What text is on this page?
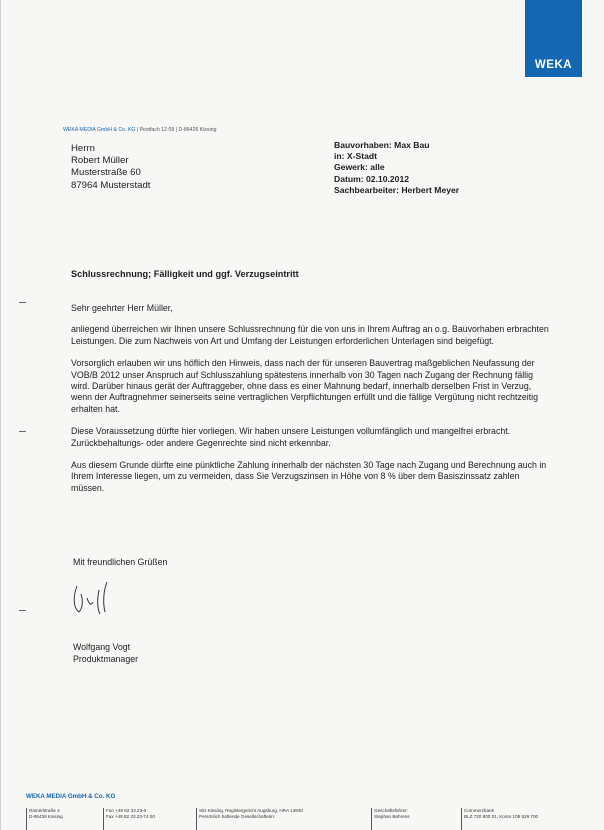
WEKA
WEKA MEDIA GmbH & Co. KG | Postfach 12 09 | D-86426 Kissing
Herrn
Robert Müller
Musterstraße 60
87964 Musterstadt
Bauvorhaben: Max Bau
in: X-Stadt
Gewerk: alle
Datum: 02.10.2012
Sachbearbeiter: Herbert Meyer
Schlussrechnung; Fälligkeit und ggf. Verzugseintritt

Sehr geehrter Herr Müller,

anliegend überreichen wir Ihnen unsere Schlussrechnung für die von uns in Ihrem Auftrag an o.g. Bauvorhaben erbrachten Leistungen. Die zum Nachweis von Art und Umfang der Leistungen erforderlichen Unterlagen sind beigefügt.

Vorsorglich erlauben wir uns höflich den Hinweis, dass nach der für unseren Bauvertrag maßgeblichen Neufassung der VOB/B 2012 unser Anspruch auf Schlusszahlung spätestens innerhalb von 30 Tagen nach Zugang der Rechnung fällig wird. Darüber hinaus gerät der Auftraggeber, ohne dass es einer Mahnung bedarf, innerhalb derselben Frist in Verzug, wenn der Auftragnehmer seinerseits seine vertraglichen Verpflichtungen erfüllt und die fällige Vergütung nicht rechtzeitig erhalten hat.

Diese Voraussetzung dürfte hier vorliegen. Wir haben unsere Leistungen vollumfänglich und mangelfrei erbracht. Zurückbehaltungs- oder andere Gegenrechte sind nicht erkennbar.

Aus diesem Grunde dürfte eine pünktliche Zahlung innerhalb der nächsten 30 Tage nach Zugang und Berechnung auch in Ihrem Interesse liegen, um zu vermeiden, dass Sie Verzugszinsen in Höhe von 8 % über dem Basiszinssatz zahlen müssen.

Mit freundlichen Grüßen
Wolfgang Vogt
Produktmanager
WEKA MEDIA GmbH & Co. KG
Römerstraße 4
D-86438 Kissing
Fon +49 82 33.23-0
Fax +49 82 33.23-74 00
Sitz Kissing, Registergericht Augsburg, HRA 13940
Persönlich haftende Gesellschafterin:
Geschäftsführer:
Stephan Behrens
Commerzbank
BLZ 720 800 01, Konto 108 629 700
